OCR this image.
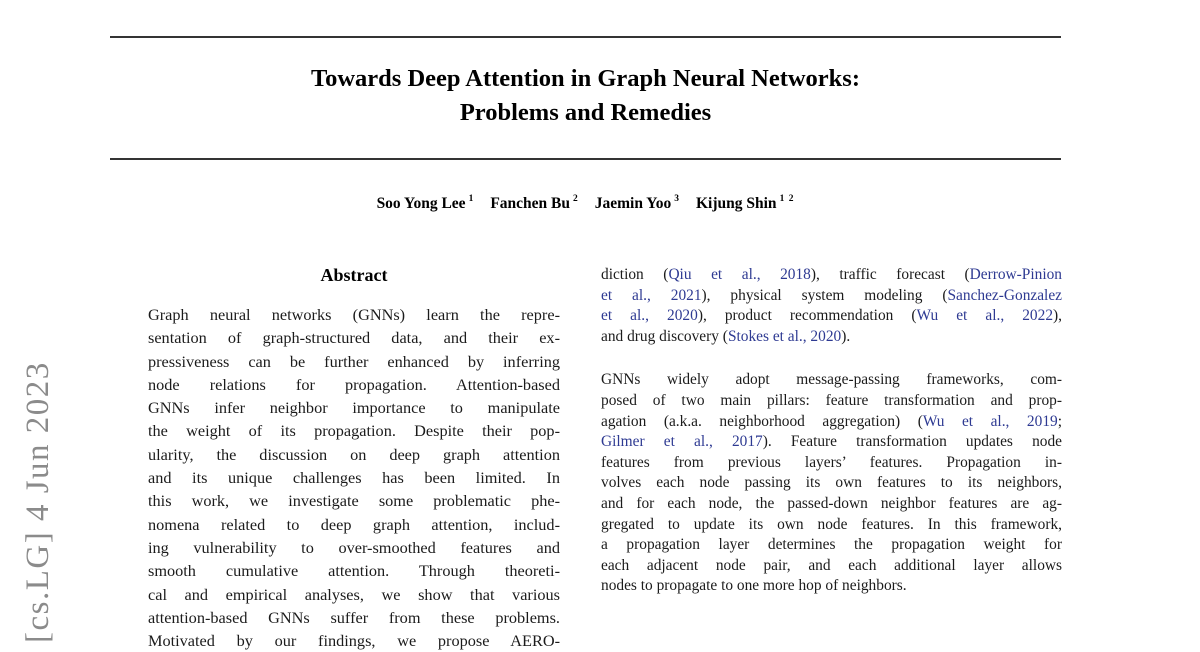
Towards Deep Attention in Graph Neural Networks:
Problems and Remedies
Soo Yong Lee $^1$ Fanchen Bu $^2$ Jaemin Yoo $^3$ Kijung Shin $^{1 2}$
Abstract
Graph neural networks (GNNs) learn the repre-
sentation of graph-structured data, and their ex-
pressiveness can be further enhanced by inferring
node relations for propagation. Attention-based
GNNs infer neighbor importance to manipulate
the weight of its propagation. Despite their pop-
ularity, the discussion on deep graph attention
and its unique challenges has been limited. In
this work, we investigate some problematic phe-
nomena related to deep graph attention, includ-
ing vulnerability to over-smoothed features and
smooth cumulative attention. Through theoreti-
cal and empirical analyses, we show that various
attention-based GNNs suffer from these problems.
Motivated by our findings, we propose AERO-
diction (Qiu et al., 2018), traffic forecast (Derrow-Pinion
et al., 2021), physical system modeling (Sanchez-Gonzalez
et al., 2020), product recommendation (Wu et al., 2022),
and drug discovery (Stokes et al., 2020).
GNNs widely adopt message-passing frameworks, com-
posed of two main pillars: feature transformation and prop-
agation (a.k.a. neighborhood aggregation) (Wu et al., 2019;
Gilmer et al., 2017). Feature transformation updates node
features from previous layers’ features. Propagation in-
volves each node passing its own features to its neighbors,
and for each node, the passed-down neighbor features are ag-
gregated to update its own node features. In this framework,
a propagation layer determines the propagation weight for
each adjacent node pair, and each additional layer allows
nodes to propagate to one more hop of neighbors.
[cs.LG] 4 Jun 2023
